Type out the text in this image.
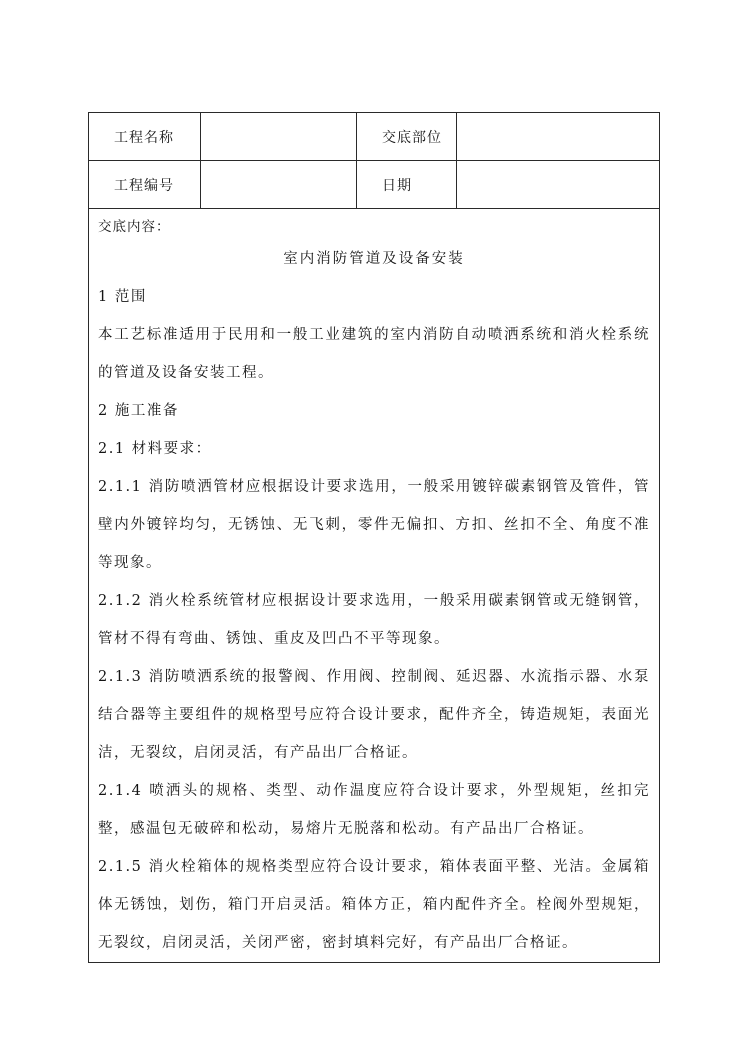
工程名称		交底部位	
工程编号		日期	

交底内容：
室内消防管道及设备安装
1 范围
本工艺标准适用于民用和一般工业建筑的室内消防自动喷洒系统和消火栓系统的管道及设备安装工程。
2 施工准备
2.1 材料要求：
2.1.1 消防喷洒管材应根据设计要求选用，一般采用镀锌碳素钢管及管件，管壁内外镀锌均匀，无锈蚀、无飞刺，零件无偏扣、方扣、丝扣不全、角度不准等现象。
2.1.2 消火栓系统管材应根据设计要求选用，一般采用碳素钢管或无缝钢管，管材不得有弯曲、锈蚀、重皮及凹凸不平等现象。
2.1.3 消防喷洒系统的报警阀、作用阀、控制阀、延迟器、水流指示器、水泵结合器等主要组件的规格型号应符合设计要求，配件齐全，铸造规矩，表面光洁，无裂纹，启闭灵活，有产品出厂合格证。
2.1.4 喷洒头的规格、类型、动作温度应符合设计要求，外型规矩，丝扣完整，感温包无破碎和松动，易熔片无脱落和松动。有产品出厂合格证。
2.1.5 消火栓箱体的规格类型应符合设计要求，箱体表面平整、光洁。金属箱体无锈蚀，划伤，箱门开启灵活。箱体方正，箱内配件齐全。栓阀外型规矩，无裂纹，启闭灵活，关闭严密，密封填料完好，有产品出厂合格证。
